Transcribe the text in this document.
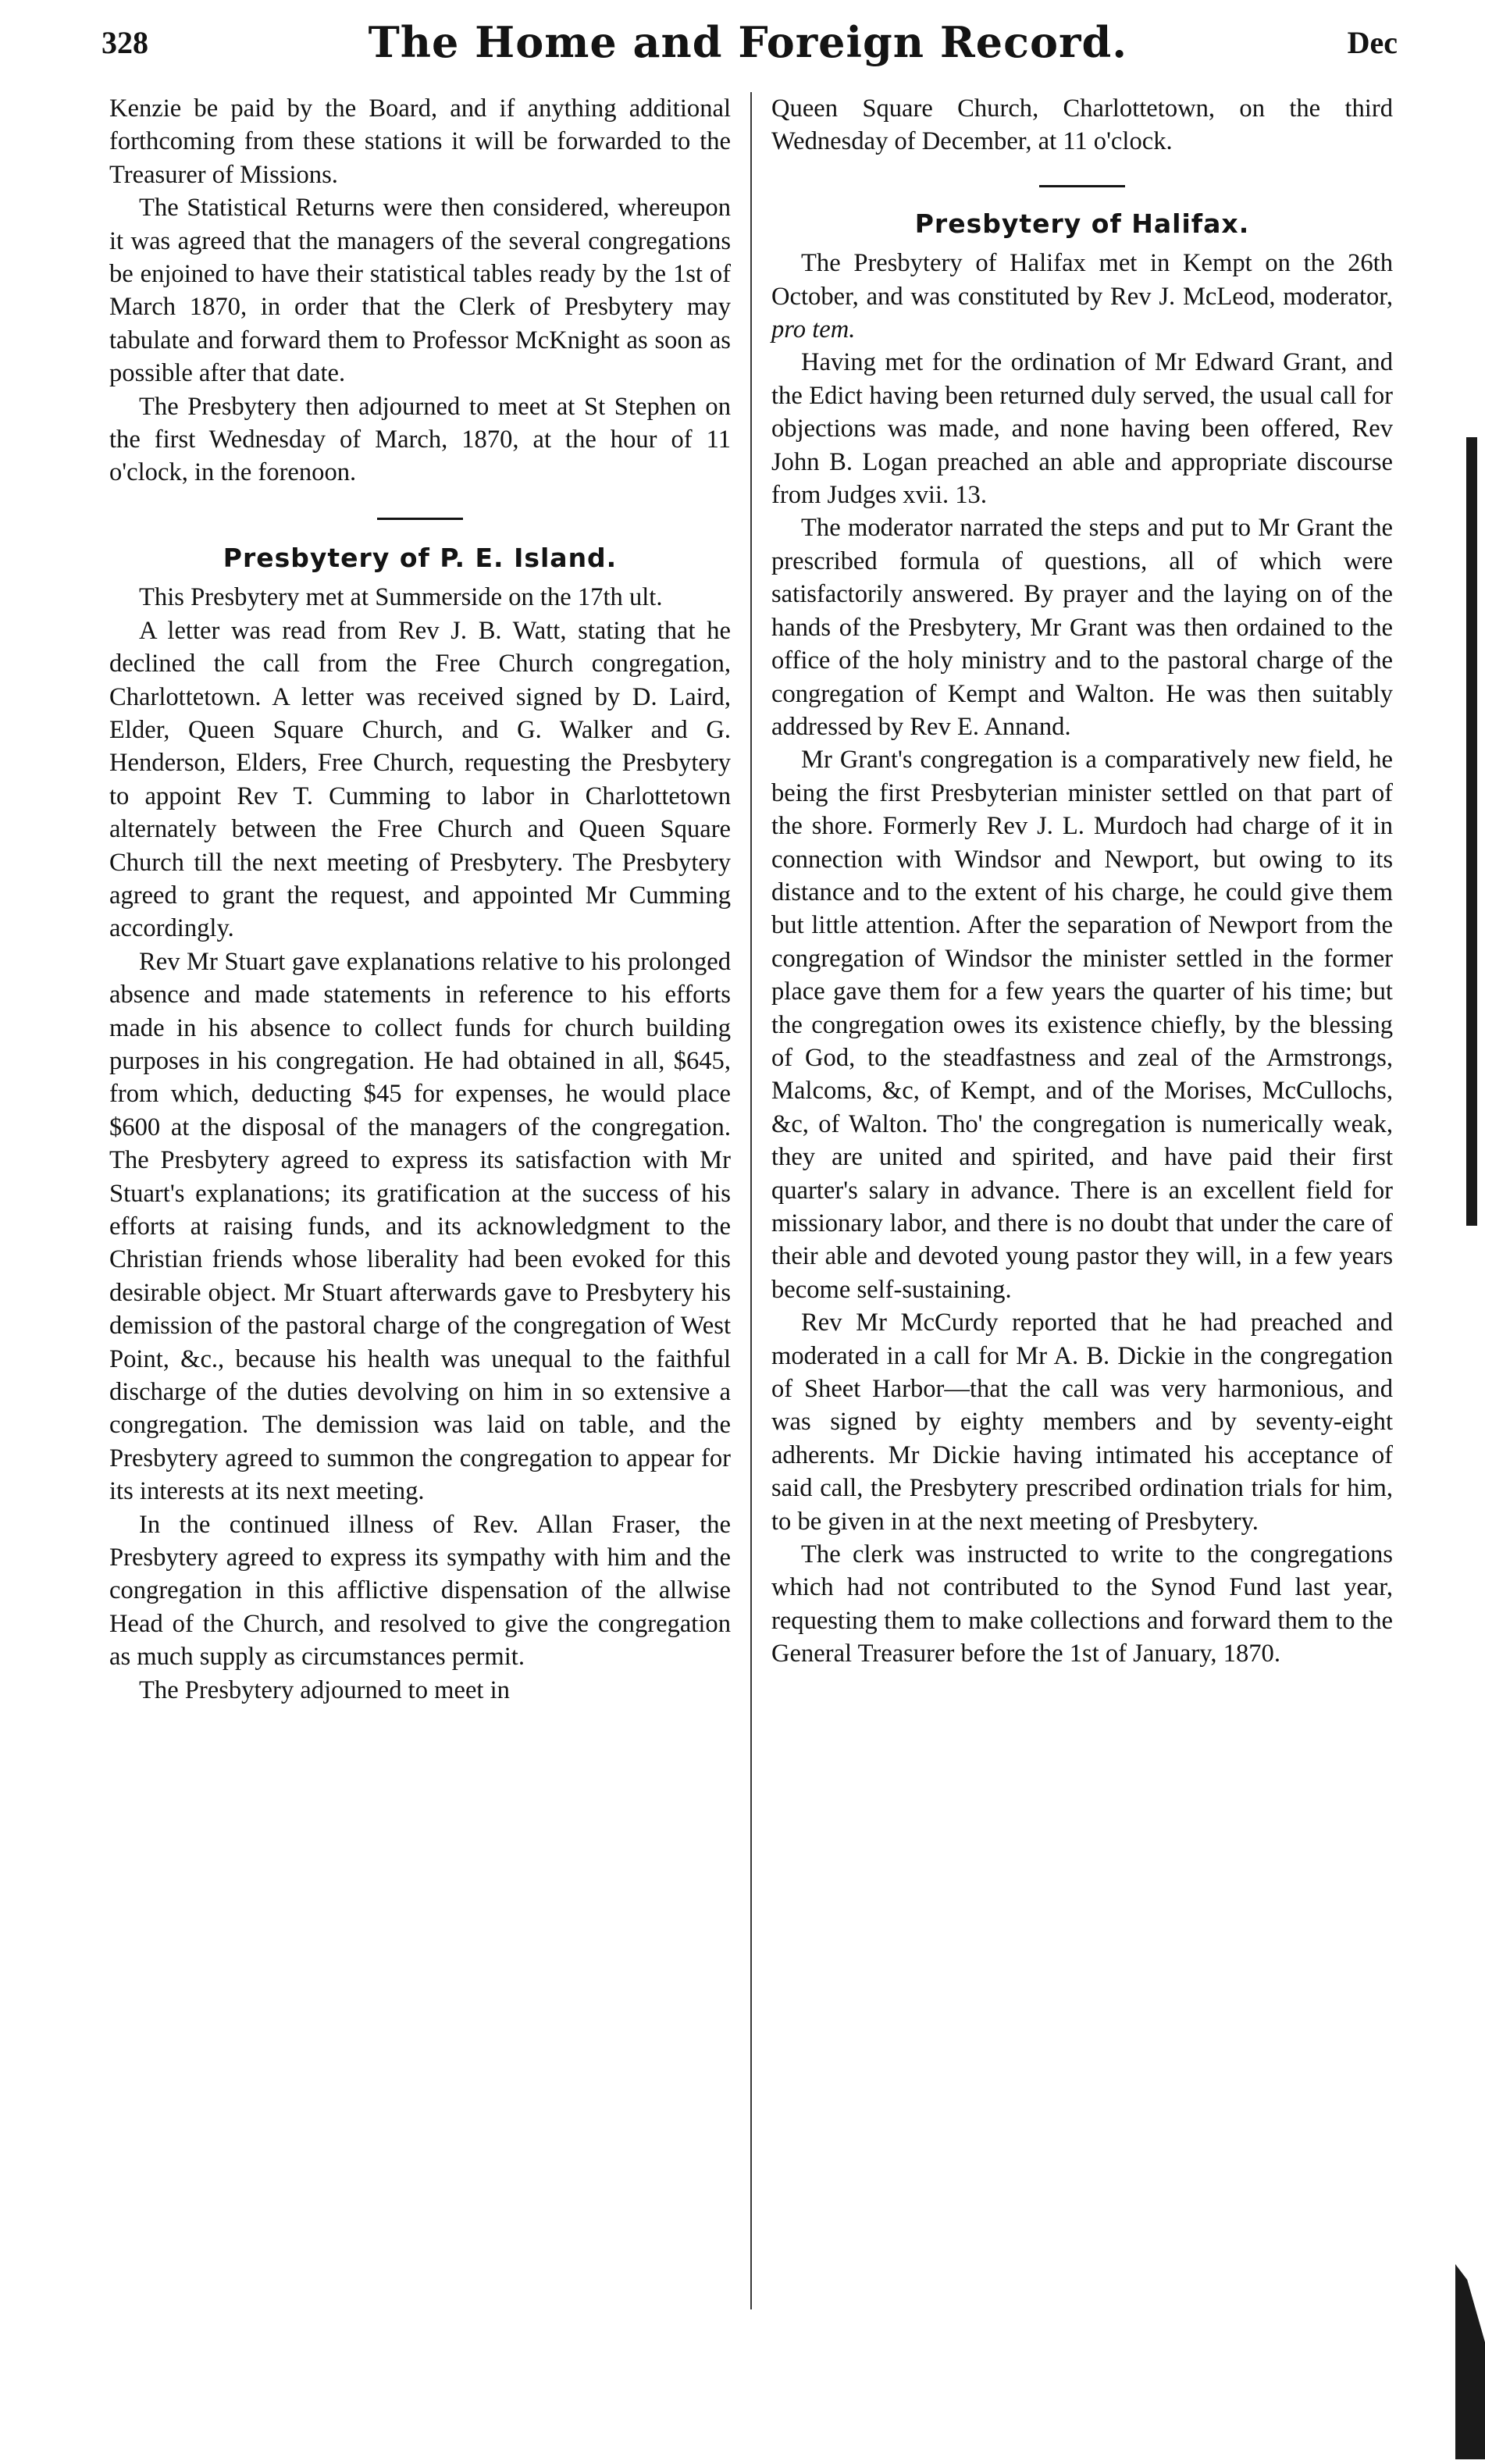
328	The Home and Foreign Record.	Dec

Kenzie be paid by the Board, and if anything additional forthcoming from these stations it will be forwarded to the Treasurer of Missions.

The Statistical Returns were then considered, whereupon it was agreed that the managers of the several congregations be enjoined to have their statistical tables ready by the 1st of March 1870, in order that the Clerk of Presbytery may tabulate and forward them to Professor McKnight as soon as possible after that date.

The Presbytery then adjourned to meet at St Stephen on the first Wednesday of March, 1870, at the hour of 11 o'clock, in the forenoon.

Presbytery of P. E. Island.

This Presbytery met at Summerside on the 17th ult.

A letter was read from Rev J. B. Watt, stating that he declined the call from the Free Church congregation, Charlottetown. A letter was received signed by D. Laird, Elder, Queen Square Church, and G. Walker and G. Henderson, Elders, Free Church, requesting the Presbytery to appoint Rev T. Cumming to labor in Charlottetown alternately between the Free Church and Queen Square Church till the next meeting of Presbytery. The Presbytery agreed to grant the request, and appointed Mr Cumming accordingly.

Rev Mr Stuart gave explanations relative to his prolonged absence and made statements in reference to his efforts made in his absence to collect funds for church building purposes in his congregation. He had obtained in all, $645, from which, deducting $45 for expenses, he would place $600 at the disposal of the managers of the congregation. The Presbytery agreed to express its satisfaction with Mr Stuart's explanations; its gratification at the success of his efforts at raising funds, and its acknowledgment to the Christian friends whose liberality had been evoked for this desirable object. Mr Stuart afterwards gave to Presbytery his demission of the pastoral charge of the congregation of West Point, &c., because his health was unequal to the faithful discharge of the duties devolving on him in so extensive a congregation. The demission was laid on table, and the Presbytery agreed to summon the congregation to appear for its interests at its next meeting.

In the continued illness of Rev. Allan Fraser, the Presbytery agreed to express its sympathy with him and the congregation in this afflictive dispensation of the allwise Head of the Church, and resolved to give the congregation as much supply as circumstances permit.

The Presbytery adjourned to meet in

Queen Square Church, Charlottetown, on the third Wednesday of December, at 11 o'clock.

Presbytery of Halifax.

The Presbytery of Halifax met in Kempt on the 26th October, and was constituted by Rev J. McLeod, moderator, pro tem.

Having met for the ordination of Mr Edward Grant, and the Edict having been returned duly served, the usual call for objections was made, and none having been offered, Rev John B. Logan preached an able and appropriate discourse from Judges xvii. 13.

The moderator narrated the steps and put to Mr Grant the prescribed formula of questions, all of which were satisfactorily answered. By prayer and the laying on of the hands of the Presbytery, Mr Grant was then ordained to the office of the holy ministry and to the pastoral charge of the congregation of Kempt and Walton. He was then suitably addressed by Rev E. Annand.

Mr Grant's congregation is a comparatively new field, he being the first Presbyterian minister settled on that part of the shore. Formerly Rev J. L. Murdoch had charge of it in connection with Windsor and Newport, but owing to its distance and to the extent of his charge, he could give them but little attention. After the separation of Newport from the congregation of Windsor the minister settled in the former place gave them for a few years the quarter of his time; but the congregation owes its existence chiefly, by the blessing of God, to the steadfastness and zeal of the Armstrongs, Malcoms, &c, of Kempt, and of the Morises, McCullochs, &c, of Walton. Tho' the congregation is numerically weak, they are united and spirited, and have paid their first quarter's salary in advance. There is an excellent field for missionary labor, and there is no doubt that under the care of their able and devoted young pastor they will, in a few years become self-sustaining.

Rev Mr McCurdy reported that he had preached and moderated in a call for Mr A. B. Dickie in the congregation of Sheet Harbor—that the call was very harmonious, and was signed by eighty members and by seventy-eight adherents. Mr Dickie having intimated his acceptance of said call, the Presbytery prescribed ordination trials for him, to be given in at the next meeting of Presbytery.

The clerk was instructed to write to the congregations which had not contributed to the Synod Fund last year, requesting them to make collections and forward them to the General Treasurer before the 1st of January, 1870.
